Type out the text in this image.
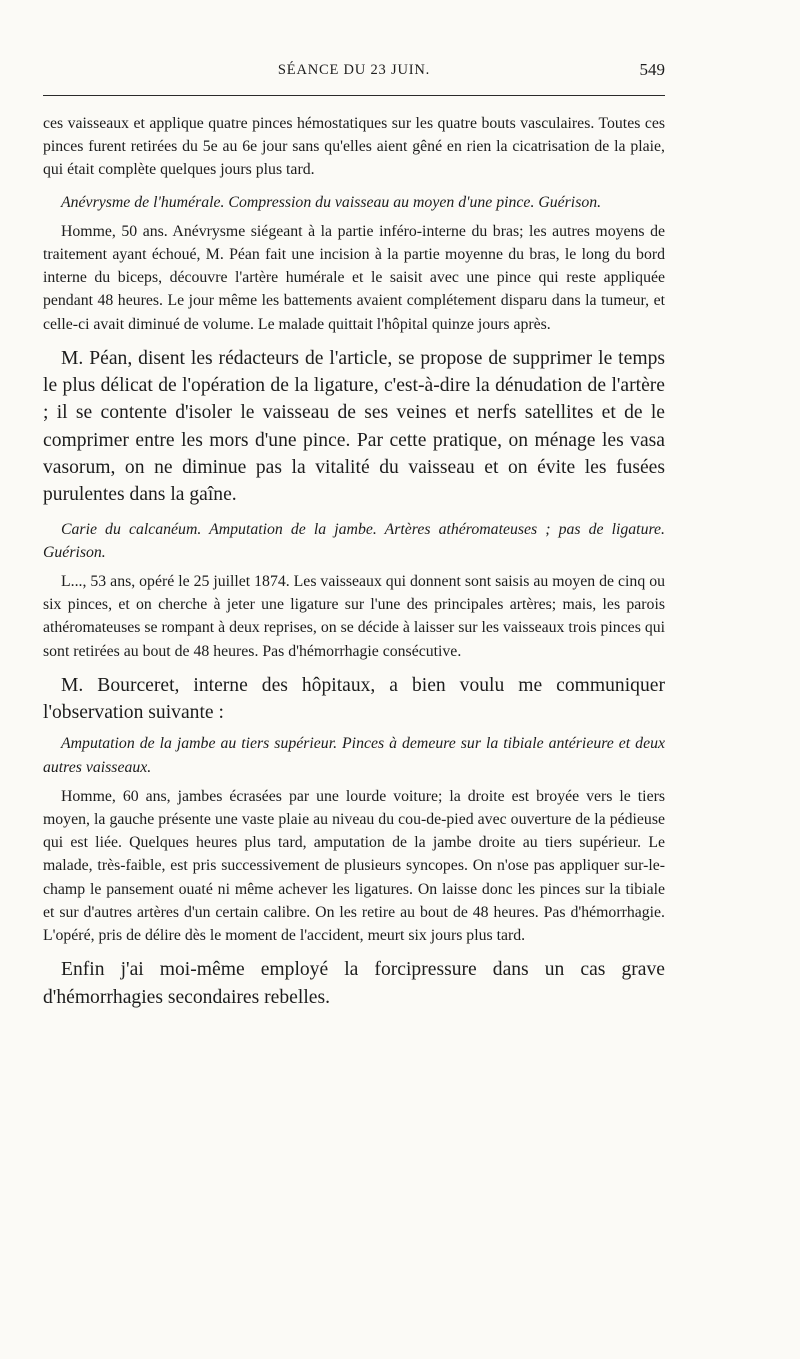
SÉANCE DU 23 JUIN.	549

ces vaisseaux et applique quatre pinces hémostatiques sur les quatre bouts vasculaires. Toutes ces pinces furent retirées du 5e au 6e jour sans qu'elles aient gêné en rien la cicatrisation de la plaie, qui était complète quelques jours plus tard.

Anévrysme de l'humérale. Compression du vaisseau au moyen d'une pince. Guérison.

Homme, 50 ans. Anévrysme siégeant à la partie inféro-interne du bras; les autres moyens de traitement ayant échoué, M. Péan fait une incision à la partie moyenne du bras, le long du bord interne du biceps, découvre l'artère humérale et le saisit avec une pince qui reste appliquée pendant 48 heures. Le jour même les battements avaient complétement disparu dans la tumeur, et celle-ci avait diminué de volume. Le malade quittait l'hôpital quinze jours après.

M. Péan, disent les rédacteurs de l'article, se propose de supprimer le temps le plus délicat de l'opération de la ligature, c'est-à-dire la dénudation de l'artère ; il se contente d'isoler le vaisseau de ses veines et nerfs satellites et de le comprimer entre les mors d'une pince. Par cette pratique, on ménage les vasa vasorum, on ne diminue pas la vitalité du vaisseau et on évite les fusées purulentes dans la gaîne.

Carie du calcanéum. Amputation de la jambe. Artères athéromateuses ; pas de ligature. Guérison.

L..., 53 ans, opéré le 25 juillet 1874. Les vaisseaux qui donnent sont saisis au moyen de cinq ou six pinces, et on cherche à jeter une ligature sur l'une des principales artères; mais, les parois athéromateuses se rompant à deux reprises, on se décide à laisser sur les vaisseaux trois pinces qui sont retirées au bout de 48 heures. Pas d'hémorrhagie consécutive.

M. Bourceret, interne des hôpitaux, a bien voulu me communiquer l'observation suivante :

Amputation de la jambe au tiers supérieur. Pinces à demeure sur la tibiale antérieure et deux autres vaisseaux.

Homme, 60 ans, jambes écrasées par une lourde voiture; la droite est broyée vers le tiers moyen, la gauche présente une vaste plaie au niveau du cou-de-pied avec ouverture de la pédieuse qui est liée. Quelques heures plus tard, amputation de la jambe droite au tiers supérieur. Le malade, très-faible, est pris successivement de plusieurs syncopes. On n'ose pas appliquer sur-le-champ le pansement ouaté ni même achever les ligatures. On laisse donc les pinces sur la tibiale et sur d'autres artères d'un certain calibre. On les retire au bout de 48 heures. Pas d'hémorrhagie. L'opéré, pris de délire dès le moment de l'accident, meurt six jours plus tard.

Enfin j'ai moi-même employé la forcipressure dans un cas grave d'hémorrhagies secondaires rebelles.
